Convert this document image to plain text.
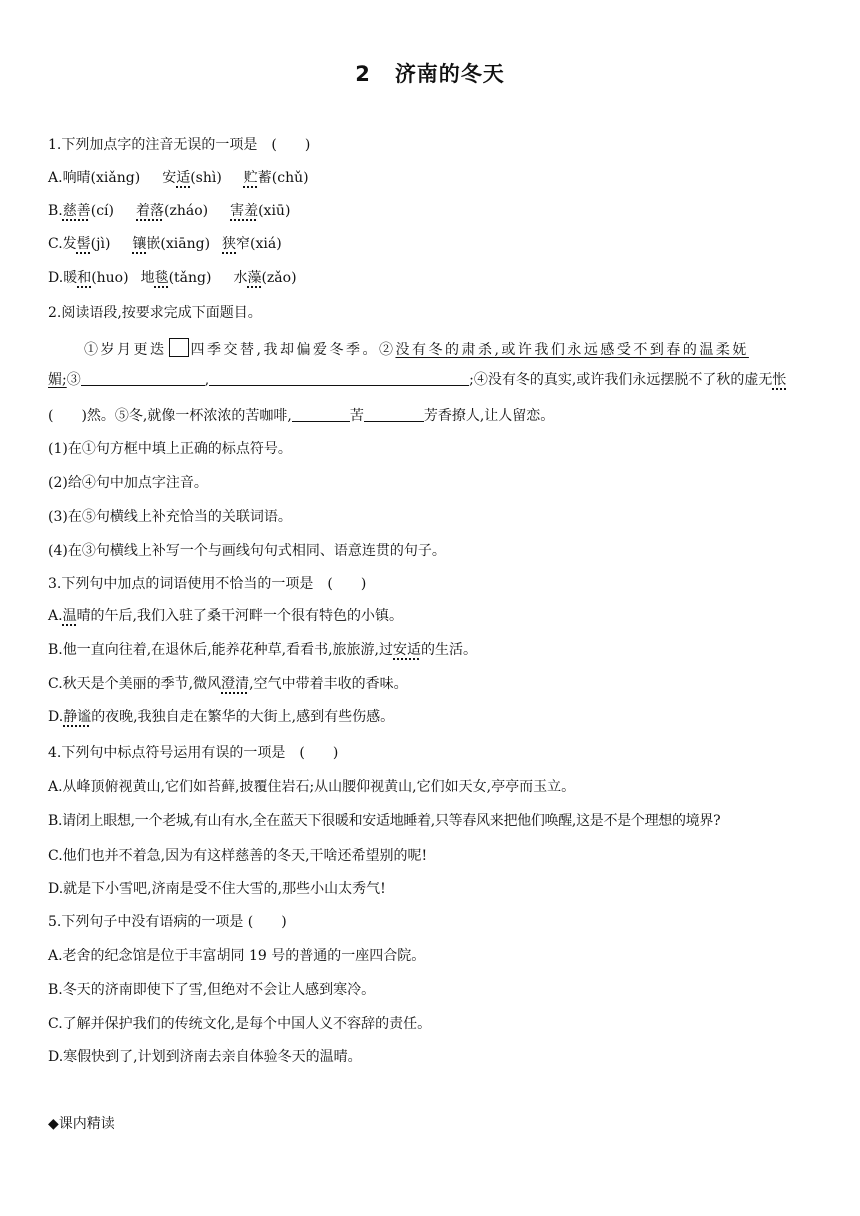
2 济南的冬天
1.下列加点字的注音无误的一项是　(　　)
A.响晴(xiǎng) 安适(shì) 贮蓄(chǔ)
B.慈善(cí) 着落(zháo) 害羞(xiū)
C.发髻(jì) 镶嵌(xiāng) 狭窄(xiá)
D.暖和(huo) 地毯(tǎng) 水藻(zǎo)
2.阅读语段,按要求完成下面题目。
①岁月更迭 四季交替,我却偏爱冬季。②没有冬的肃杀,或许我们永远感受不到春的温柔妩
媚;③	,	;④没有冬的真实,或许我们永远摆脱不了秋的虚无怅
(　　)然。⑤冬,就像一杯浓浓的苦咖啡,	苦	芳香撩人,让人留恋。
(1)在①句方框中填上正确的标点符号。
(2)给④句中加点字注音。
(3)在⑤句横线上补充恰当的关联词语。
(4)在③句横线上补写一个与画线句句式相同、语意连贯的句子。
3.下列句中加点的词语使用不恰当的一项是　(　　)
A.温晴的午后,我们入驻了桑干河畔一个很有特色的小镇。
B.他一直向往着,在退休后,能养花种草,看看书,旅旅游,过安适的生活。
C.秋天是个美丽的季节,微风澄清,空气中带着丰收的香味。
D.静谧的夜晚,我独自走在繁华的大街上,感到有些伤感。
4.下列句中标点符号运用有误的一项是　(　　)
A.从峰顶俯视黄山,它们如苔藓,披覆住岩石;从山腰仰视黄山,它们如天女,亭亭而玉立。
B.请闭上眼想,一个老城,有山有水,全在蓝天下很暖和安适地睡着,只等春风来把他们唤醒,这是不是个理想的境界?
C.他们也并不着急,因为有这样慈善的冬天,干啥还希望别的呢!
D.就是下小雪吧,济南是受不住大雪的,那些小山太秀气!
5.下列句子中没有语病的一项是 (　　)
A.老舍的纪念馆是位于丰富胡同 19 号的普通的一座四合院。
B.冬天的济南即使下了雪,但绝对不会让人感到寒冷。
C.了解并保护我们的传统文化,是每个中国人义不容辞的责任。
D.寒假快到了,计划到济南去亲自体验冬天的温晴。
◆课内精读
